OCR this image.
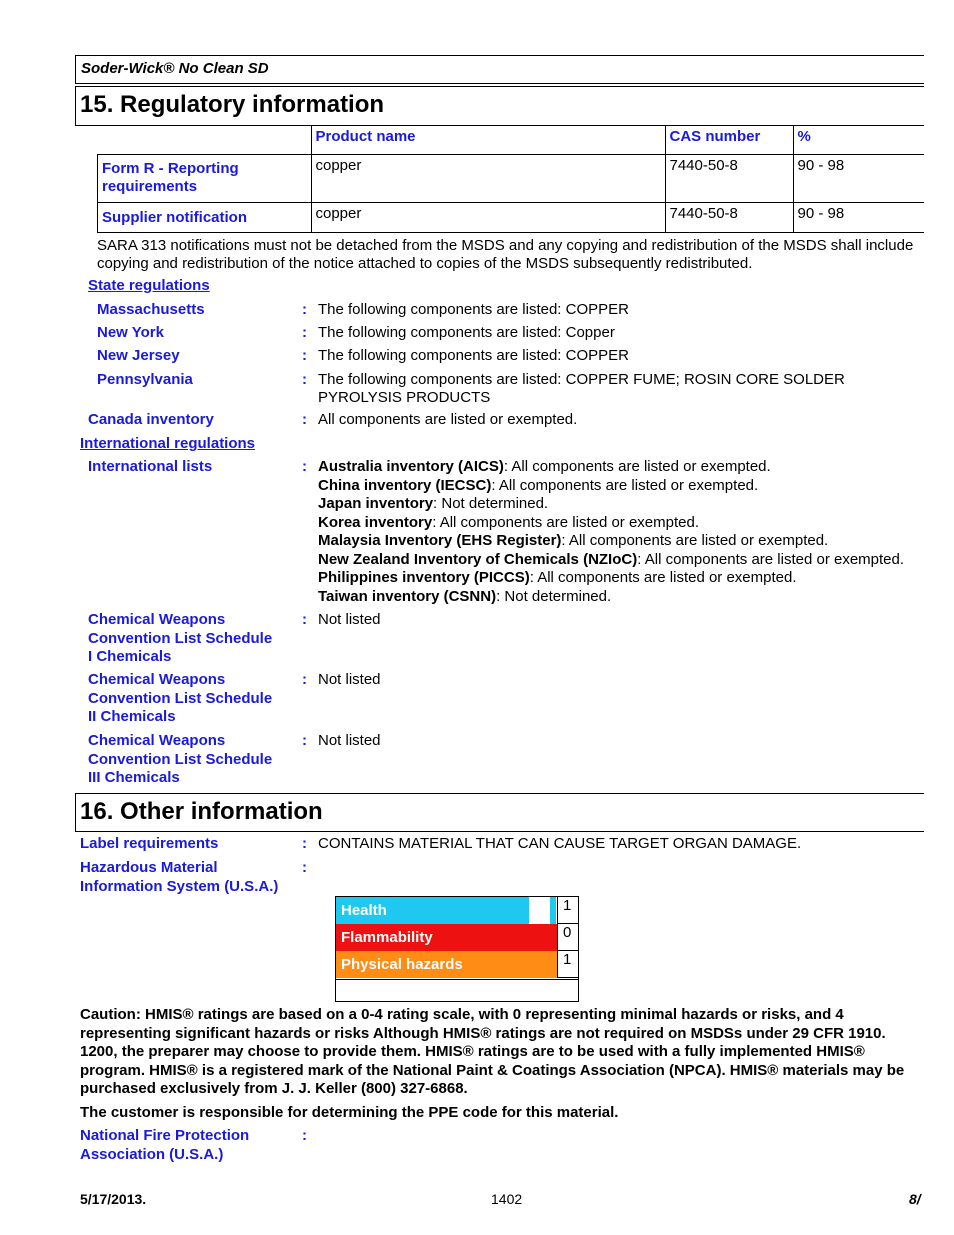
Soder-Wick® No Clean SD
15. Regulatory information
	Product name	CAS number	%
Form R - Reporting requirements	copper	7440-50-8	90 - 98
Supplier notification	copper	7440-50-8	90 - 98
SARA 313 notifications must not be detached from the MSDS and any copying and redistribution of the MSDS shall include copying and redistribution of the notice attached to copies of the MSDS subsequently redistributed.
State regulations
Massachusetts	: The following components are listed: COPPER
New York	: The following components are listed: Copper
New Jersey	: The following components are listed: COPPER
Pennsylvania	: The following components are listed: COPPER FUME; ROSIN CORE SOLDER PYROLYSIS PRODUCTS
Canada inventory	: All components are listed or exempted.
International regulations
International lists	: Australia inventory (AICS): All components are listed or exempted.
China inventory (IECSC): All components are listed or exempted.
Japan inventory: Not determined.
Korea inventory: All components are listed or exempted.
Malaysia Inventory (EHS Register): All components are listed or exempted.
New Zealand Inventory of Chemicals (NZIoC): All components are listed or exempted.
Philippines inventory (PICCS): All components are listed or exempted.
Taiwan inventory (CSNN): Not determined.
Chemical Weapons
Convention List Schedule
I Chemicals
: Not listed
Chemical Weapons
Convention List Schedule
II Chemicals
: Not listed
Chemical Weapons
Convention List Schedule
III Chemicals
: Not listed
16. Other information
Label requirements	: CONTAINS MATERIAL THAT CAN CAUSE TARGET ORGAN DAMAGE.
Hazardous Material
Information System (U.S.A.)
:
Health	1
Flammability	0
Physical hazards	1
Caution: HMIS® ratings are based on a 0-4 rating scale, with 0 representing minimal hazards or risks, and 4 representing significant hazards or risks Although HMIS® ratings are not required on MSDSs under 29 CFR 1910. 1200, the preparer may choose to provide them. HMIS® ratings are to be used with a fully implemented HMIS® program. HMIS® is a registered mark of the National Paint & Coatings Association (NPCA). HMIS® materials may be purchased exclusively from J. J. Keller (800) 327-6868.
The customer is responsible for determining the PPE code for this material.
National Fire Protection
Association (U.S.A.)
:
5/17/2013.	1402	8/
